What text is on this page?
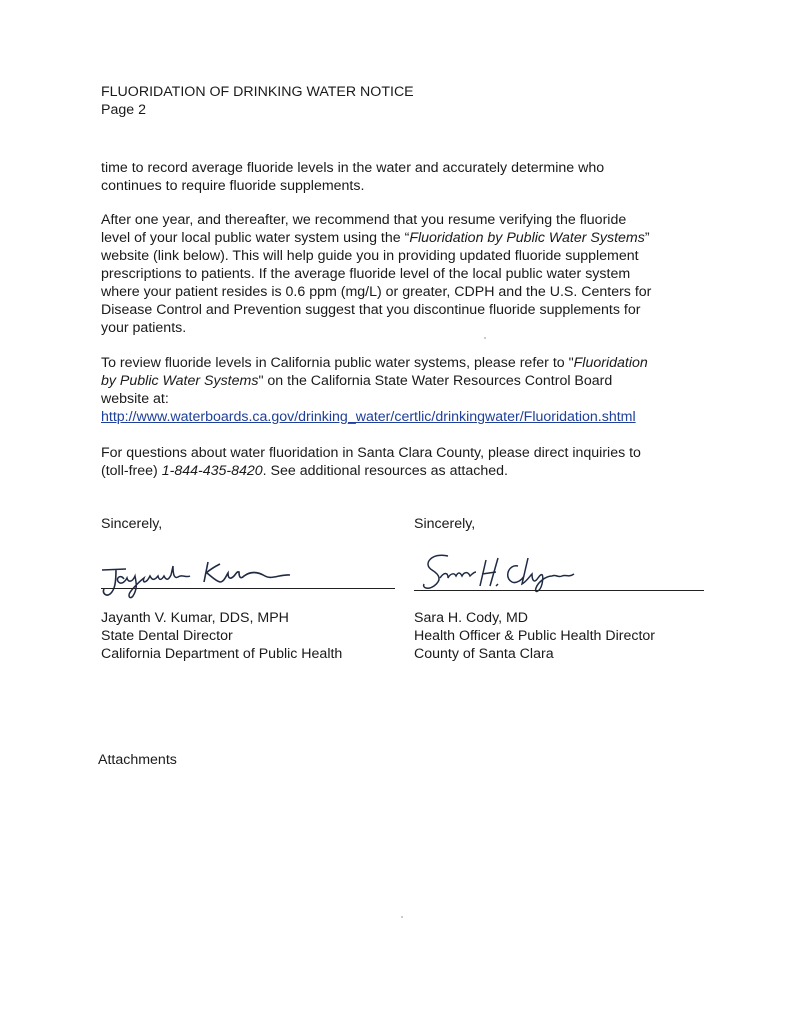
FLUORIDATION OF DRINKING WATER NOTICE
Page 2
time to record average fluoride levels in the water and accurately determine who
continues to require fluoride supplements.
After one year, and thereafter, we recommend that you resume verifying the fluoride
level of your local public water system using the “Fluoridation by Public Water Systems”
website (link below). This will help guide you in providing updated fluoride supplement
prescriptions to patients. If the average fluoride level of the local public water system
where your patient resides is 0.6 ppm (mg/L) or greater, CDPH and the U.S. Centers for
Disease Control and Prevention suggest that you discontinue fluoride supplements for
your patients.
To review fluoride levels in California public water systems, please refer to "Fluoridation
by Public Water Systems" on the California State Water Resources Control Board
website at:
http://www.waterboards.ca.gov/drinking_water/certlic/drinkingwater/Fluoridation.shtml
For questions about water fluoridation in Santa Clara County, please direct inquiries to
(toll-free) 1-844-435-8420. See additional resources as attached.
Sincerely,	Sincerely,
Jayanth V. Kumar, DDS, MPH
State Dental Director
California Department of Public Health
Sara H. Cody, MD
Health Officer & Public Health Director
County of Santa Clara
Attachments
